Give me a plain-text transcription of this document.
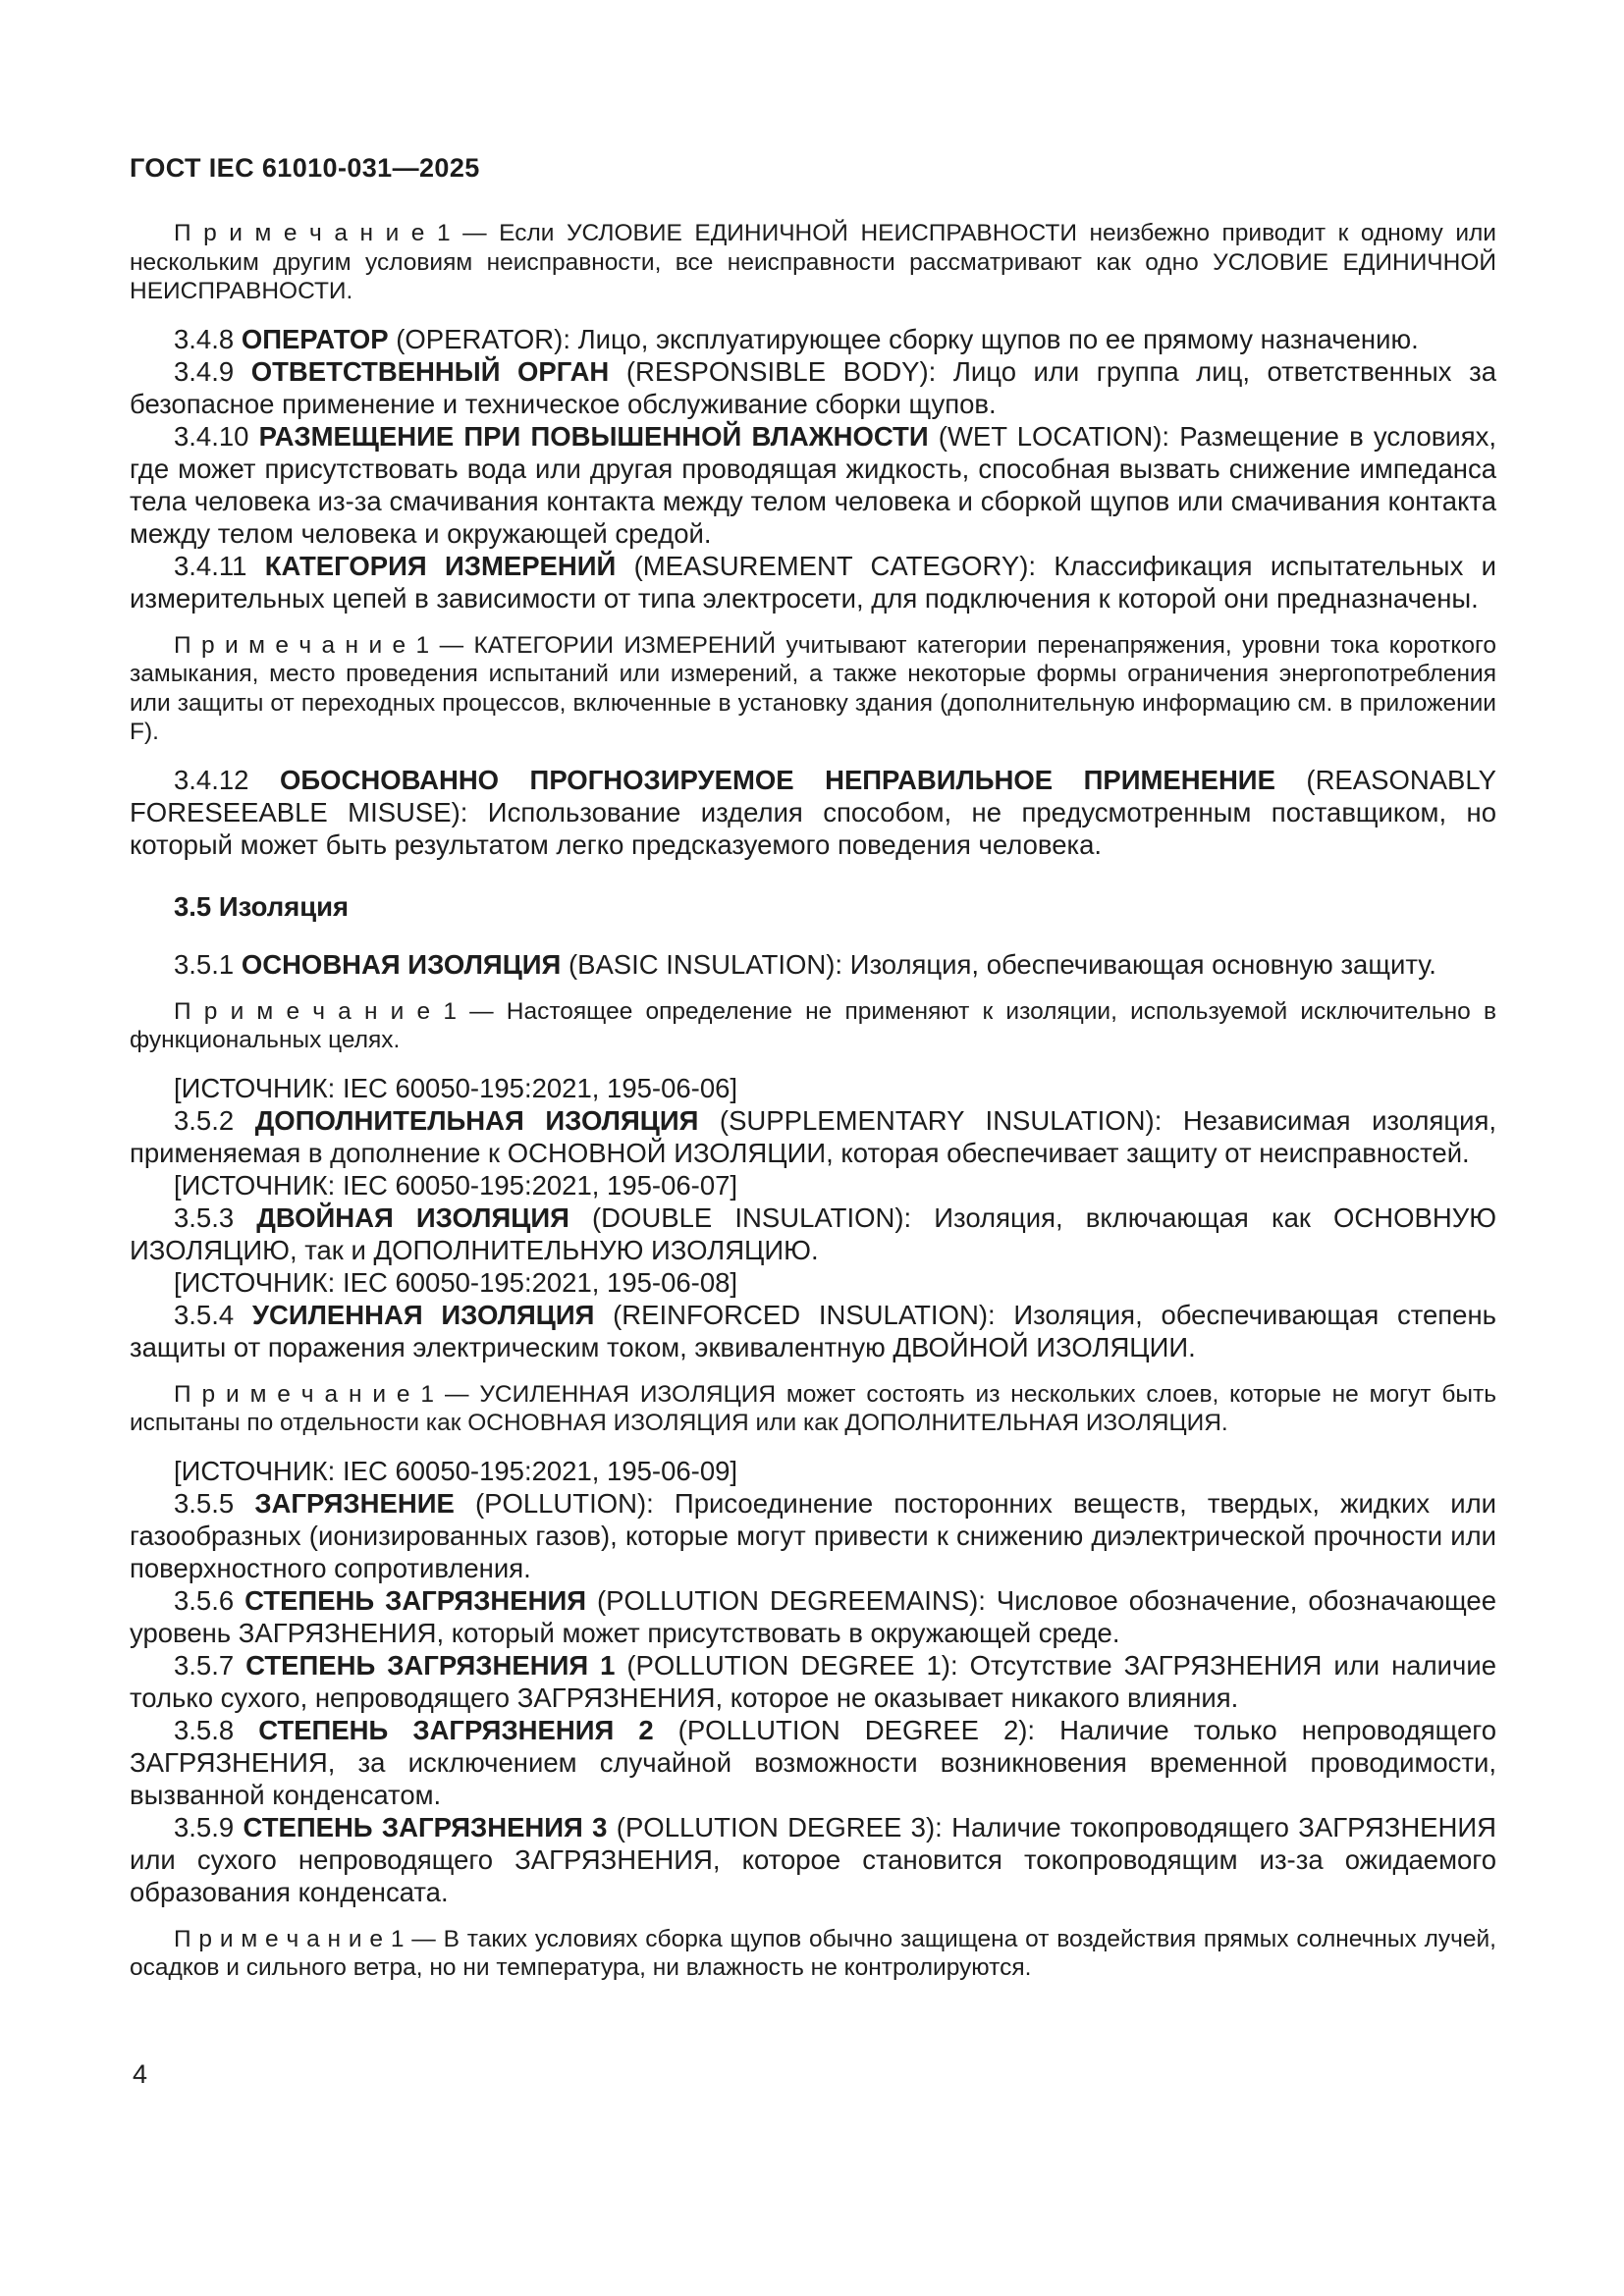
ГОСТ IEC 61010-031—2025

П р и м е ч а н и е 1 — Если УСЛОВИЕ ЕДИНИЧНОЙ НЕИСПРАВНОСТИ неизбежно приводит к одному или нескольким другим условиям неисправности, все неисправности рассматривают как одно УСЛОВИЕ ЕДИНИЧНОЙ НЕИСПРАВНОСТИ.

3.4.8 ОПЕРАТОР (OPERATOR): Лицо, эксплуатирующее сборку щупов по ее прямому назначению.

3.4.9 ОТВЕТСТВЕННЫЙ ОРГАН (RESPONSIBLE BODY): Лицо или группа лиц, ответственных за безопасное применение и техническое обслуживание сборки щупов.

3.4.10 РАЗМЕЩЕНИЕ ПРИ ПОВЫШЕННОЙ ВЛАЖНОСТИ (WET LOCATION): Размещение в условиях, где может присутствовать вода или другая проводящая жидкость, способная вызвать снижение импеданса тела человека из-за смачивания контакта между телом человека и сборкой щупов или смачивания контакта между телом человека и окружающей средой.

3.4.11 КАТЕГОРИЯ ИЗМЕРЕНИЙ (MEASUREMENT CATEGORY): Классификация испытательных и измерительных цепей в зависимости от типа электросети, для подключения к которой они предназначены.

П р и м е ч а н и е 1 — КАТЕГОРИИ ИЗМЕРЕНИЙ учитывают категории перенапряжения, уровни тока короткого замыкания, место проведения испытаний или измерений, а также некоторые формы ограничения энергопотребления или защиты от переходных процессов, включенные в установку здания (дополнительную информацию см. в приложении F).

3.4.12 ОБОСНОВАННО ПРОГНОЗИРУЕМОЕ НЕПРАВИЛЬНОЕ ПРИМЕНЕНИЕ (REASONABLY FORESEEABLE MISUSE): Использование изделия способом, не предусмотренным поставщиком, но который может быть результатом легко предсказуемого поведения человека.

3.5 Изоляция

3.5.1 ОСНОВНАЯ ИЗОЛЯЦИЯ (BASIC INSULATION): Изоляция, обеспечивающая основную защиту.

П р и м е ч а н и е 1 — Настоящее определение не применяют к изоляции, используемой исключительно в функциональных целях.

[ИСТОЧНИК: IEC 60050-195:2021, 195-06-06]

3.5.2 ДОПОЛНИТЕЛЬНАЯ ИЗОЛЯЦИЯ (SUPPLEMENTARY INSULATION): Независимая изоляция, применяемая в дополнение к ОСНОВНОЙ ИЗОЛЯЦИИ, которая обеспечивает защиту от неисправностей.

[ИСТОЧНИК: IEC 60050-195:2021, 195-06-07]

3.5.3 ДВОЙНАЯ ИЗОЛЯЦИЯ (DOUBLE INSULATION): Изоляция, включающая как ОСНОВНУЮ ИЗОЛЯЦИЮ, так и ДОПОЛНИТЕЛЬНУЮ ИЗОЛЯЦИЮ.

[ИСТОЧНИК: IEC 60050-195:2021, 195-06-08]

3.5.4 УСИЛЕННАЯ ИЗОЛЯЦИЯ (REINFORCED INSULATION): Изоляция, обеспечивающая степень защиты от поражения электрическим током, эквивалентную ДВОЙНОЙ ИЗОЛЯЦИИ.

П р и м е ч а н и е 1 — УСИЛЕННАЯ ИЗОЛЯЦИЯ может состоять из нескольких слоев, которые не могут быть испытаны по отдельности как ОСНОВНАЯ ИЗОЛЯЦИЯ или как ДОПОЛНИТЕЛЬНАЯ ИЗОЛЯЦИЯ.

[ИСТОЧНИК: IEC 60050-195:2021, 195-06-09]

3.5.5 ЗАГРЯЗНЕНИЕ (POLLUTION): Присоединение посторонних веществ, твердых, жидких или газообразных (ионизированных газов), которые могут привести к снижению диэлектрической прочности или поверхностного сопротивления.

3.5.6 СТЕПЕНЬ ЗАГРЯЗНЕНИЯ (POLLUTION DEGREEMAINS): Числовое обозначение, обозначающее уровень ЗАГРЯЗНЕНИЯ, который может присутствовать в окружающей среде.

3.5.7 СТЕПЕНЬ ЗАГРЯЗНЕНИЯ 1 (POLLUTION DEGREE 1): Отсутствие ЗАГРЯЗНЕНИЯ или наличие только сухого, непроводящего ЗАГРЯЗНЕНИЯ, которое не оказывает никакого влияния.

3.5.8 СТЕПЕНЬ ЗАГРЯЗНЕНИЯ 2 (POLLUTION DEGREE 2): Наличие только непроводящего ЗАГРЯЗНЕНИЯ, за исключением случайной возможности возникновения временной проводимости, вызванной конденсатом.

3.5.9 СТЕПЕНЬ ЗАГРЯЗНЕНИЯ 3 (POLLUTION DEGREE 3): Наличие токопроводящего ЗАГРЯЗНЕНИЯ или сухого непроводящего ЗАГРЯЗНЕНИЯ, которое становится токопроводящим из-за ожидаемого образования конденсата.

П р и м е ч а н и е 1 — В таких условиях сборка щупов обычно защищена от воздействия прямых солнечных лучей, осадков и сильного ветра, но ни температура, ни влажность не контролируются.

4
